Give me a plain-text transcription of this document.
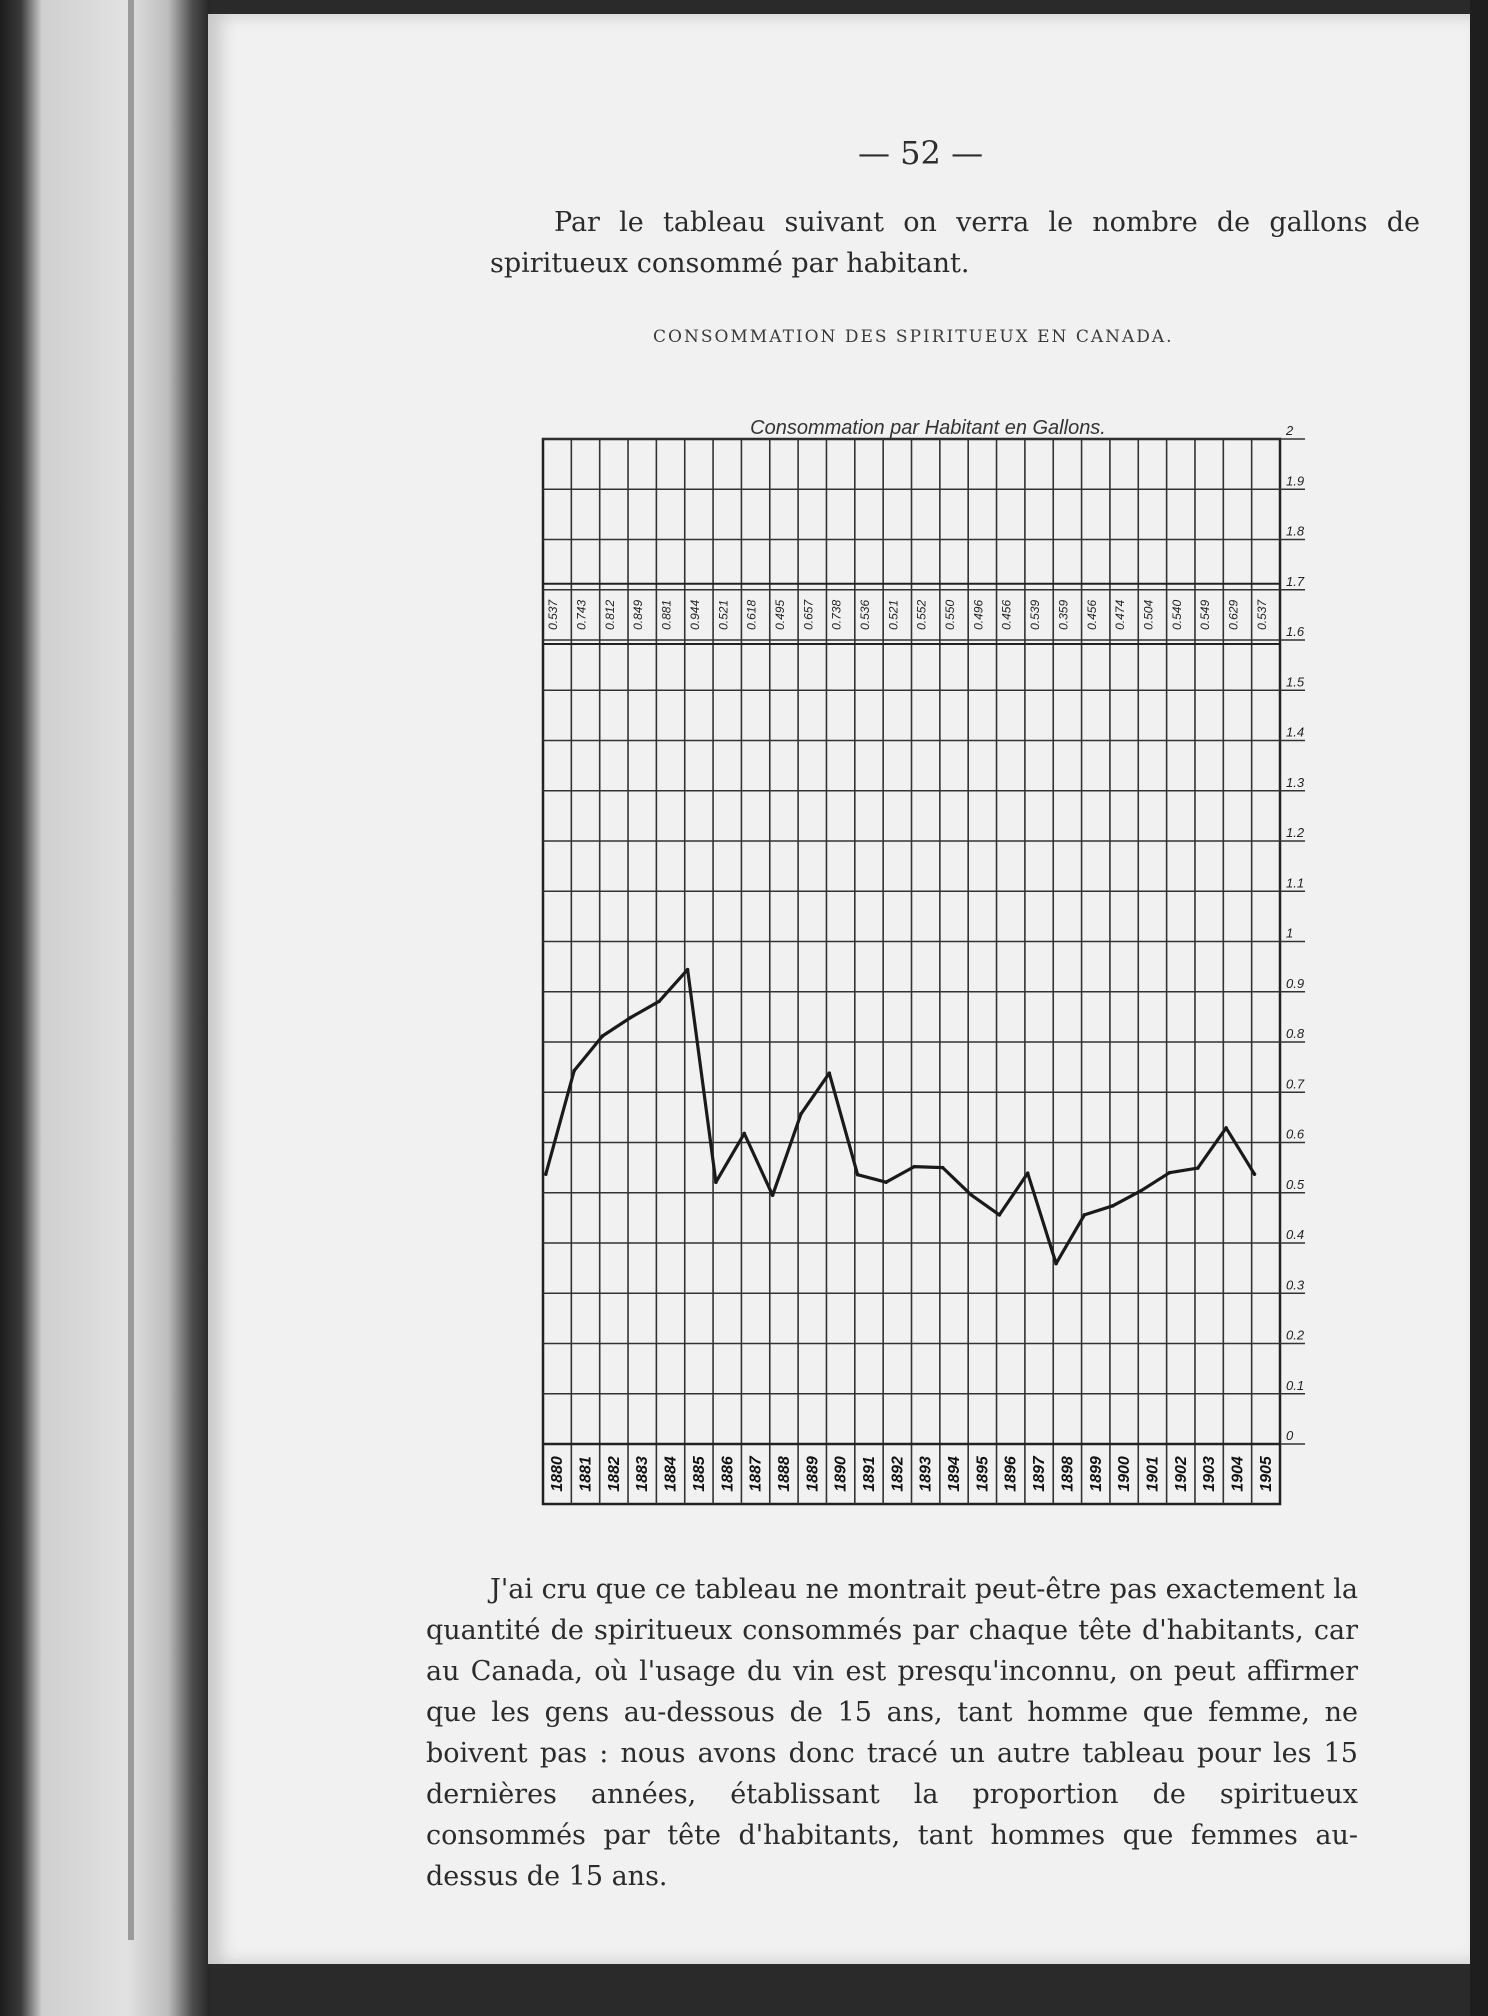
— 52 —

Par le tableau suivant on verra le nombre de gallons de spiritueux consommé par habitant.

CONSOMMATION DES SPIRITUEUX EN CANADA.
Consommation par Habitant en Gallons.	2
1.9
1.8
1.7
1.6
1.5
1.4
1.3
1.2
1.1
1
0.9
0.8
0.7
0.6
0.5
0.4
0.3
0.2
0.1
0
0.537 0.743 0.812 0.849 0.881 0.944 0.521 0.618 0.495 0.657 0.738 0.536 0.521 0.552 0.550 0.496 0.456 0.539 0.359 0.456 0.474 0.504 0.540 0.549 0.629 0.537
1880 1881 1882 1883 1884 1885 1886 1887 1888 1889 1890 1891 1892 1893 1894 1895 1896 1897 1898 1899 1900 1901 1902 1903 1904 1905

J'ai cru que ce tableau ne montrait peut-être pas exactement la quantité de spiritueux consommés par chaque tête d'habitants, car au Canada, où l'usage du vin est presqu'inconnu, on peut affirmer que les gens au-dessous de 15 ans, tant homme que femme, ne boivent pas : nous avons donc tracé un autre tableau pour les 15 dernières années, établissant la proportion de spiritueux consommés par tête d'habitants, tant hommes que femmes au-dessus de 15 ans.
